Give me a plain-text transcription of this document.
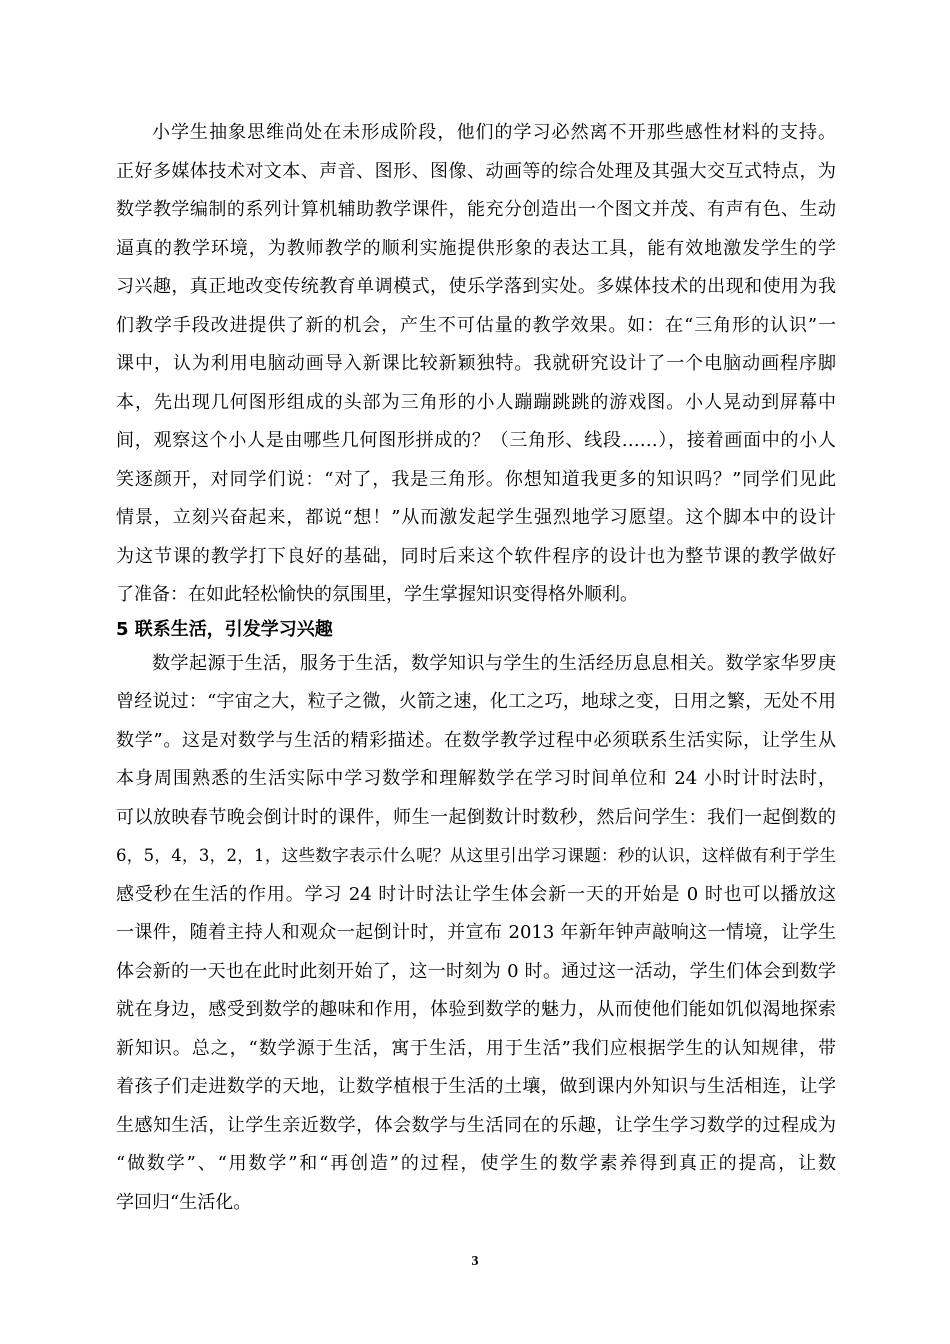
小学生抽象思维尚处在未形成阶段，他们的学习必然离不开那些感性材料的支持。
正好多媒体技术对文本、声音、图形、图像、动画等的综合处理及其强大交互式特点，为
数学教学编制的系列计算机辅助教学课件，能充分创造出一个图文并茂、有声有色、生动
逼真的教学环境，为教师教学的顺利实施提供形象的表达工具，能有效地激发学生的学
习兴趣，真正地改变传统教育单调模式，使乐学落到实处。多媒体技术的出现和使用为我
们教学手段改进提供了新的机会，产生不可估量的教学效果。如：在“三角形的认识”一
课中，认为利用电脑动画导入新课比较新颖独特。我就研究设计了一个电脑动画程序脚
本，先出现几何图形组成的头部为三角形的小人蹦蹦跳跳的游戏图。小人晃动到屏幕中
间，观察这个小人是由哪些几何图形拼成的？（三角形、线段……），接着画面中的小人
笑逐颜开，对同学们说：“对了，我是三角形。你想知道我更多的知识吗？”同学们见此
情景，立刻兴奋起来，都说“想！”从而激发起学生强烈地学习愿望。这个脚本中的设计
为这节课的教学打下良好的基础，同时后来这个软件程序的设计也为整节课的教学做好
了准备：在如此轻松愉快的氛围里，学生掌握知识变得格外顺利。
5 联系生活，引发学习兴趣
数学起源于生活，服务于生活，数学知识与学生的生活经历息息相关。数学家华罗庚
曾经说过：“宇宙之大，粒子之微，火箭之速，化工之巧，地球之变，日用之繁，无处不用
数学”。这是对数学与生活的精彩描述。在数学教学过程中必须联系生活实际，让学生从
本身周围熟悉的生活实际中学习数学和理解数学在学习时间单位和 24 小时计时法时，
可以放映春节晚会倒计时的课件，师生一起倒数计时数秒，然后问学生：我们一起倒数的
6，5，4，3，2，1，这些数字表示什么呢？从这里引出学习课题：秒的认识，这样做有利于学生
感受秒在生活的作用。学习 24 时计时法让学生体会新一天的开始是 0 时也可以播放这
一课件，随着主持人和观众一起倒计时，并宣布 2013 年新年钟声敲响这一情境，让学生
体会新的一天也在此时此刻开始了，这一时刻为 0 时。通过这一活动，学生们体会到数学
就在身边，感受到数学的趣味和作用，体验到数学的魅力，从而使他们能如饥似渴地探索
新知识。总之，“数学源于生活，寓于生活，用于生活”我们应根据学生的认知规律，带
着孩子们走进数学的天地，让数学植根于生活的土壤，做到课内外知识与生活相连，让学
生感知生活，让学生亲近数学，体会数学与生活同在的乐趣，让学生学习数学的过程成为
“做数学”、“用数学”和“再创造”的过程，使学生的数学素养得到真正的提高，让数
学回归“生活化。
3
